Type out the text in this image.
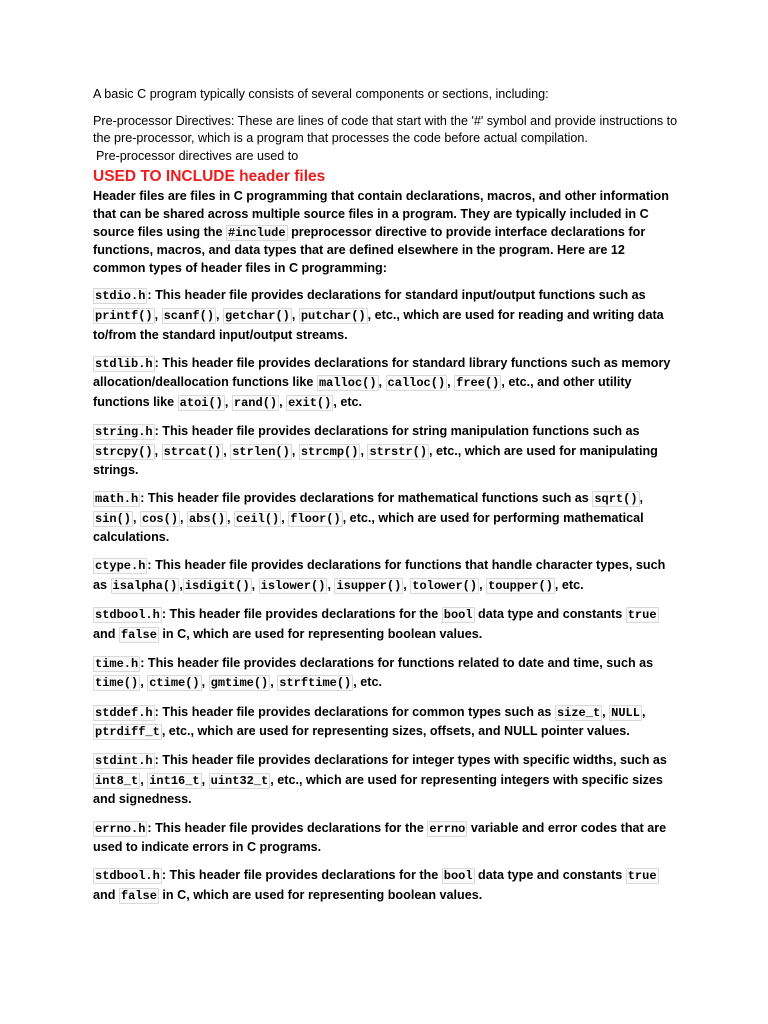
A basic C program typically consists of several components or sections, including:

Pre-processor Directives: These are lines of code that start with the '#' symbol and provide instructions to the pre-processor, which is a program that processes the code before actual compilation.

Pre-processor directives are used to

USED TO INCLUDE header files

Header files are files in C programming that contain declarations, macros, and other information that can be shared across multiple source files in a program. They are typically included in C source files using the #include preprocessor directive to provide interface declarations for functions, macros, and data types that are defined elsewhere in the program. Here are 12 common types of header files in C programming:

stdio.h : This header file provides declarations for standard input/output functions such as printf() , scanf() , getchar() , putchar() , etc., which are used for reading and writing data to/from the standard input/output streams.

stdlib.h : This header file provides declarations for standard library functions such as memory allocation/deallocation functions like malloc() , calloc() , free() , etc., and other utility functions like atoi() , rand() , exit() , etc.

string.h : This header file provides declarations for string manipulation functions such as strcpy() , strcat() , strlen() , strcmp() , strstr() , etc., which are used for manipulating strings.

math.h : This header file provides declarations for mathematical functions such as sqrt() , sin() , cos() , abs() , ceil() , floor() , etc., which are used for performing mathematical calculations.

ctype.h : This header file provides declarations for functions that handle character types, such as isalpha() , isdigit() , islower() , isupper() , tolower() , toupper() , etc.

stdbool.h : This header file provides declarations for the bool data type and constants true and false in C, which are used for representing boolean values.

time.h : This header file provides declarations for functions related to date and time, such as time() , ctime() , gmtime() , strftime() , etc.

stddef.h : This header file provides declarations for common types such as size_t , NULL , ptrdiff_t , etc., which are used for representing sizes, offsets, and NULL pointer values.

stdint.h : This header file provides declarations for integer types with specific widths, such as int8_t , int16_t , uint32_t , etc., which are used for representing integers with specific sizes and signedness.

errno.h : This header file provides declarations for the errno variable and error codes that are used to indicate errors in C programs.

stdbool.h : This header file provides declarations for the bool data type and constants true and false in C, which are used for representing boolean values.
